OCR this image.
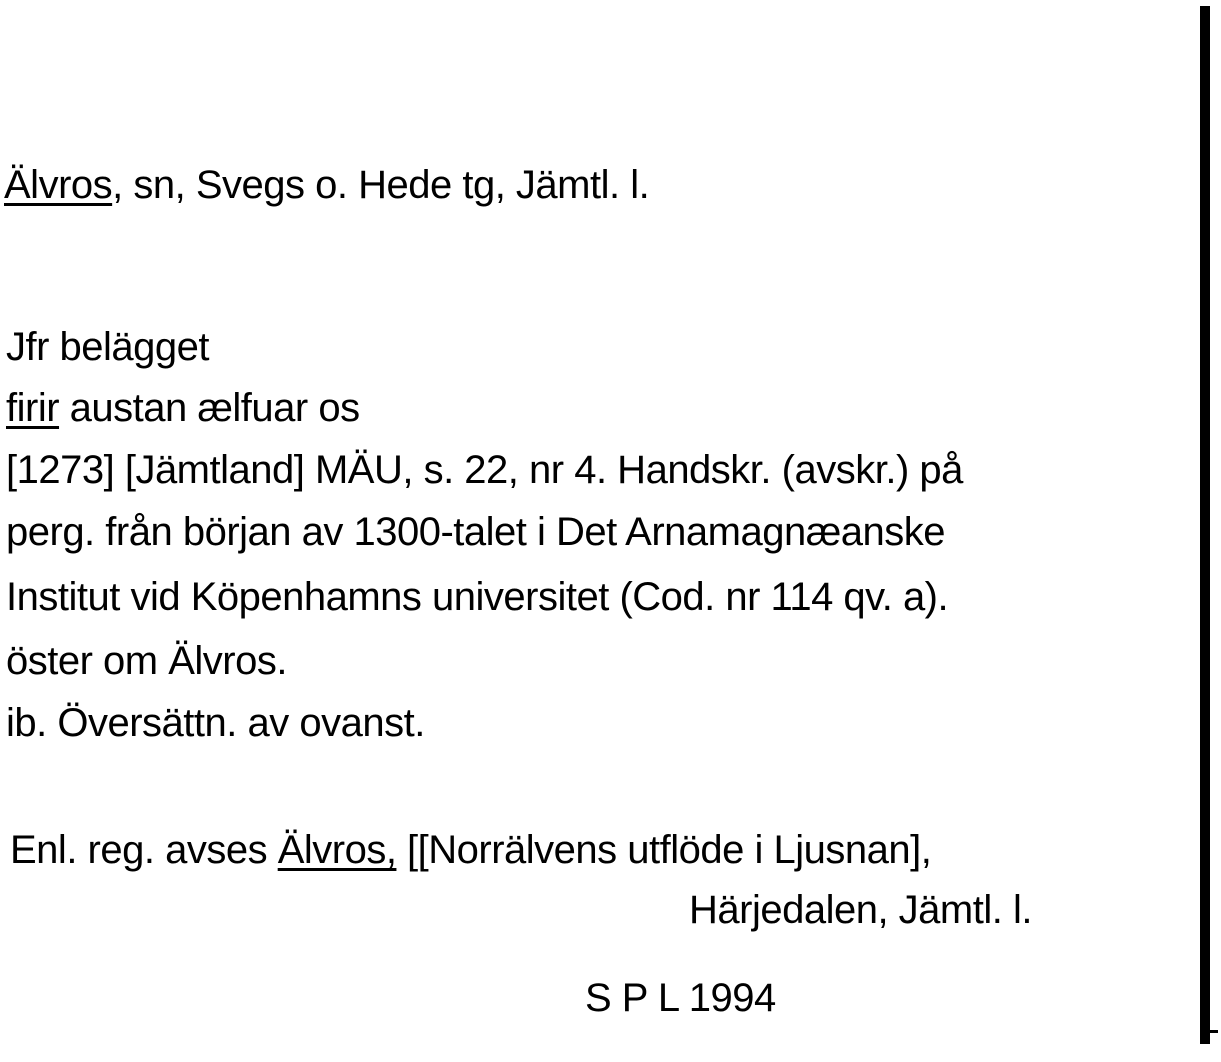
Älvros, sn, Svegs o. Hede tg, Jämtl. l.
Jfr belägget
firir austan ælfuar os
[1273] [Jämtland] MÄU, s. 22, nr 4. Handskr. (avskr.) på
perg. från början av 1300-talet i Det Arnamagnæanske
Institut vid Köpenhamns universitet (Cod. nr 114 qv. a).
öster om Älvros.
ib. Översättn. av ovanst.
Enl. reg. avses Älvros, [[Norrälvens utflöde i Ljusnan],
Härjedalen, Jämtl. l.
S P L 1994
